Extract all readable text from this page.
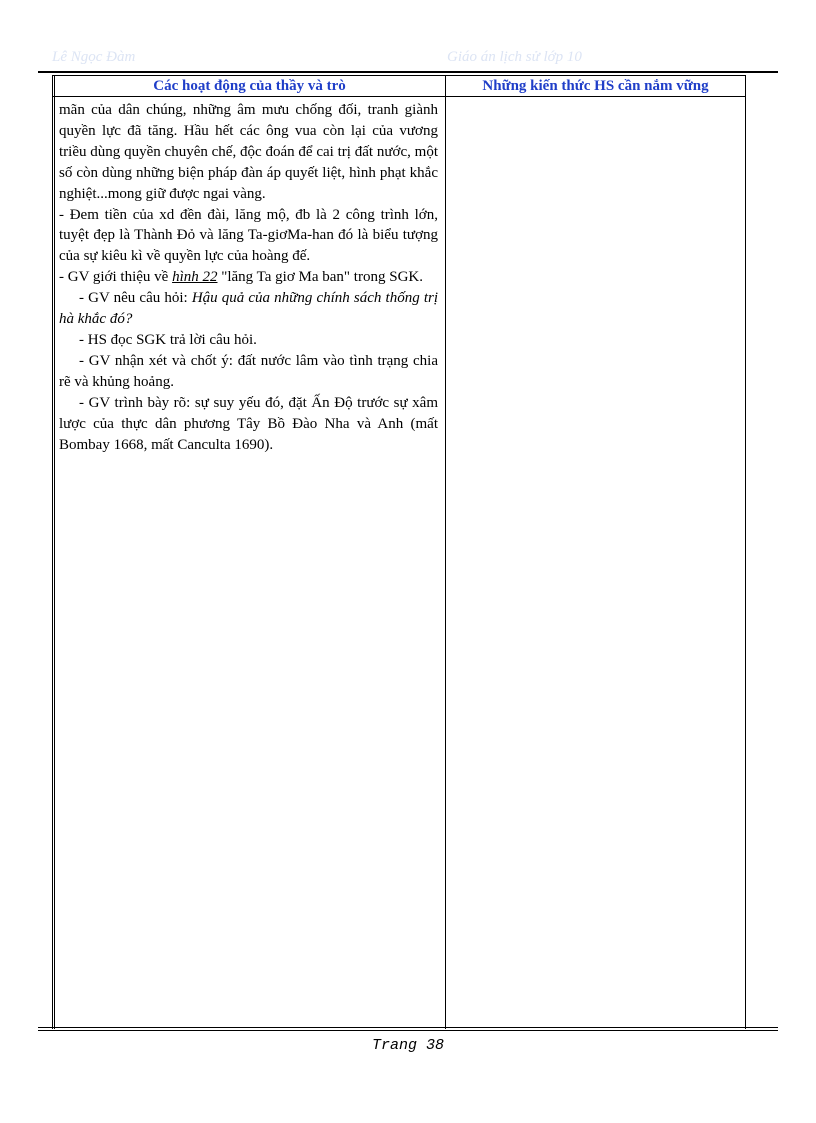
Lê Ngọc Đàm	Giáo án lịch sử lớp 10
Các hoạt động của thầy và trò	Những kiến thức HS cần nắm vững

mãn của dân chúng, những âm mưu chống đối, tranh giành quyền lực đã tăng. Hầu hết các ông vua còn lại của vương triều dùng quyền chuyên chế, độc đoán để cai trị đất nước, một số còn dùng những biện pháp đàn áp quyết liệt, hình phạt khắc nghiệt...mong giữ được ngai vàng.

- Đem tiền của xd đền đài, lăng mộ, đb là 2 công trình lớn, tuyệt đẹp là Thành Đỏ và lăng Ta-giơMa-han đó là biểu tượng của sự kiêu kì về quyền lực của hoàng đế.

- GV giới thiệu về hình 22 "lăng Ta giơ Ma ban" trong SGK.

- GV nêu câu hỏi: Hậu quả của những chính sách thống trị hà khắc đó?

- HS đọc SGK trả lời câu hỏi.

- GV nhận xét và chốt ý: đất nước lâm vào tình trạng chia rẽ và khủng hoảng.

- GV trình bày rõ: sự suy yếu đó, đặt Ấn Độ trước sự xâm lược của thực dân phương Tây Bồ Đào Nha và Anh (mất Bombay 1668, mất Canculta 1690).

Trang 38
